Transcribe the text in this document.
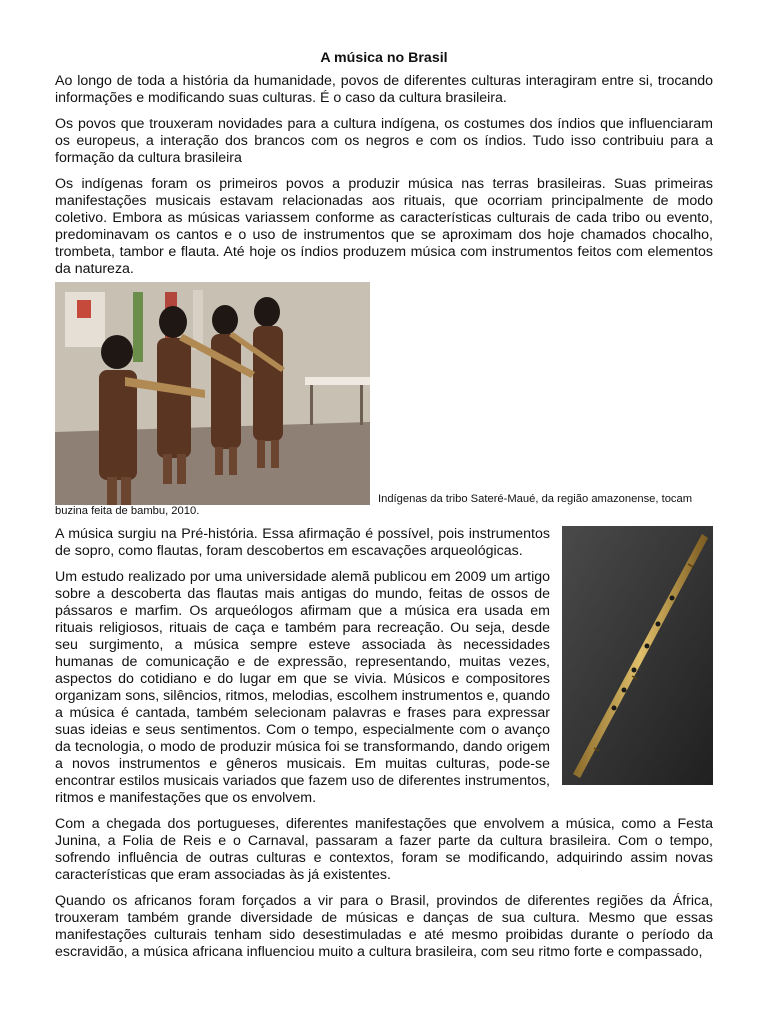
A música no Brasil

Ao longo de toda a história da humanidade, povos de diferentes culturas interagiram entre si, trocando informações e modificando suas culturas. É o caso da cultura brasileira.

Os povos que trouxeram novidades para a cultura indígena, os costumes dos índios que influenciaram os europeus, a interação dos brancos com os negros e com os índios. Tudo isso contribuiu para a formação da cultura brasileira

Os indígenas foram os primeiros povos a produzir música nas terras brasileiras. Suas primeiras manifestações musicais estavam relacionadas aos rituais, que ocorriam principalmente de modo coletivo. Embora as músicas variassem conforme as características culturais de cada tribo ou evento, predominavam os cantos e o uso de instrumentos que se aproximam dos hoje chamados chocalho, trombeta, tambor e flauta. Até hoje os índios produzem música com instrumentos feitos com elementos da natureza.

Indígenas da tribo Sateré-Maué, da região amazonense, tocam
buzina feita de bambu, 2010.

A música surgiu na Pré-história. Essa afirmação é possível, pois instrumentos de sopro, como flautas, foram descobertos em escavações arqueológicas.

Um estudo realizado por uma universidade alemã publicou em 2009 um artigo sobre a descoberta das flautas mais antigas do mundo, feitas de ossos de pássaros e marfim. Os arqueólogos afirmam que a música era usada em rituais religiosos, rituais de caça e também para recreação. Ou seja, desde seu surgimento, a música sempre esteve associada às necessidades humanas de comunicação e de expressão, representando, muitas vezes, aspectos do cotidiano e do lugar em que se vivia. Músicos e compositores organizam sons, silêncios, ritmos, melodias, escolhem instrumentos e, quando a música é cantada, também selecionam palavras e frases para expressar suas ideias e seus sentimentos. Com o tempo, especialmente com o avanço da tecnologia, o modo de produzir música foi se transformando, dando origem a novos instrumentos e gêneros musicais. Em muitas culturas, pode-se encontrar estilos musicais variados que fazem uso de diferentes instrumentos, ritmos e manifestações que os envolvem.

Com a chegada dos portugueses, diferentes manifestações que envolvem a música, como a Festa Junina, a Folia de Reis e o Carnaval, passaram a fazer parte da cultura brasileira. Com o tempo, sofrendo influência de outras culturas e contextos, foram se modificando, adquirindo assim novas características que eram associadas às já existentes.

Quando os africanos foram forçados a vir para o Brasil, provindos de diferentes regiões da África, trouxeram também grande diversidade de músicas e danças de sua cultura. Mesmo que essas manifestações culturais tenham sido desestimuladas e até mesmo proibidas durante o período da escravidão, a música africana influenciou muito a cultura brasileira, com seu ritmo forte e compassado,
